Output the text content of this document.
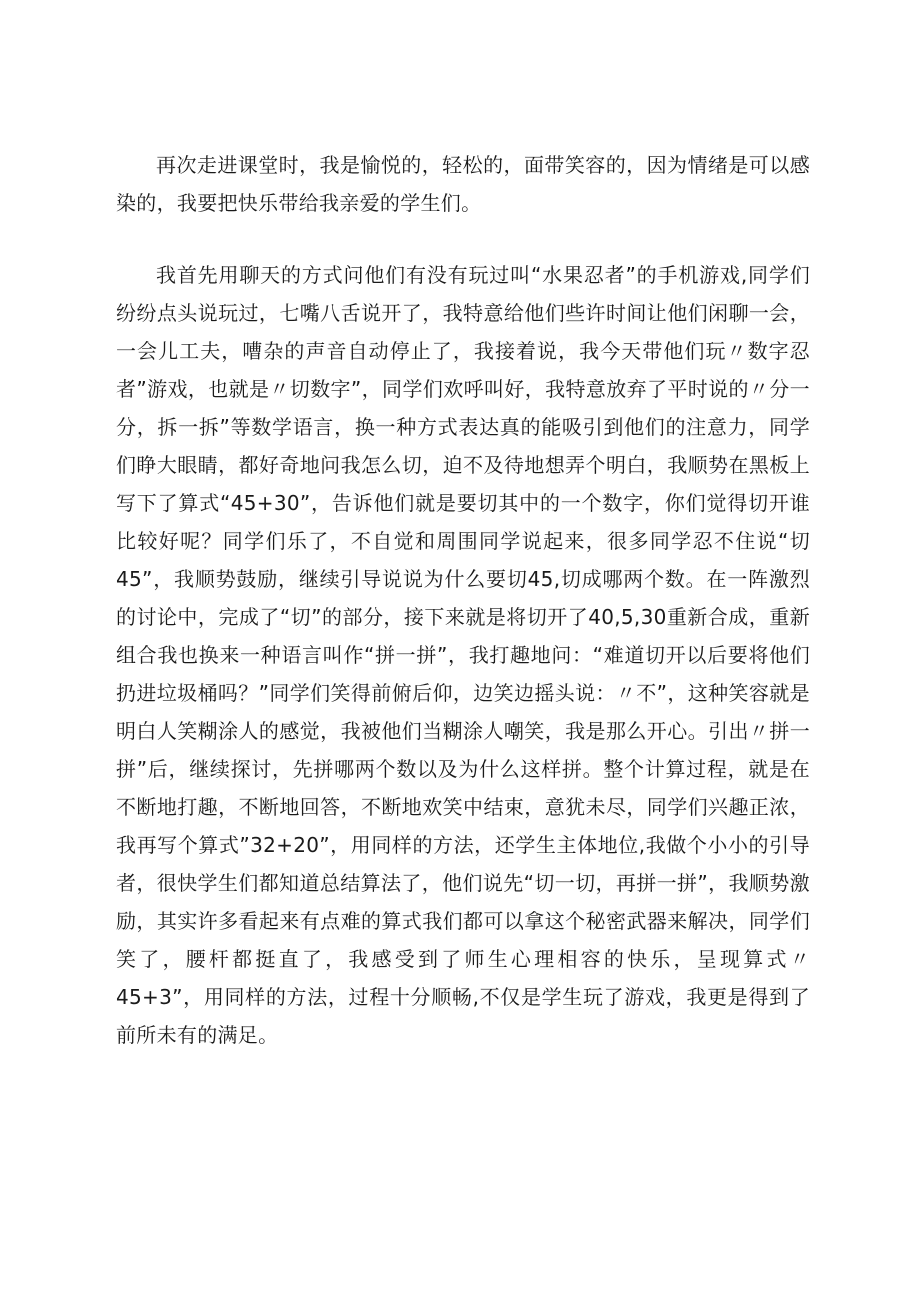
再次走进课堂时，我是愉悦的，轻松的，面带笑容的，因为情绪是可以感染的，我要把快乐带给我亲爱的学生们。

我首先用聊天的方式问他们有没有玩过叫“水果忍者”的手机游戏,同学们纷纷点头说玩过，七嘴八舌说开了，我特意给他们些许时间让他们闲聊一会，一会儿工夫，嘈杂的声音自动停止了，我接着说，我今天带他们玩〃数字忍者”游戏，也就是〃切数字”，同学们欢呼叫好，我特意放弃了平时说的〃分一分，拆一拆”等数学语言，换一种方式表达真的能吸引到他们的注意力，同学们睁大眼睛，都好奇地问我怎么切，迫不及待地想弄个明白，我顺势在黑板上写下了算式“45+30”，告诉他们就是要切其中的一个数字，你们觉得切开谁比较好呢？同学们乐了，不自觉和周围同学说起来，很多同学忍不住说“切45”，我顺势鼓励，继续引导说说为什么要切45,切成哪两个数。在一阵激烈的讨论中，完成了“切”的部分，接下来就是将切开了40,5,30重新合成，重新组合我也换来一种语言叫作“拼一拼”，我打趣地问：“难道切开以后要将他们扔进垃圾桶吗？”同学们笑得前俯后仰，边笑边摇头说：〃不”，这种笑容就是明白人笑糊涂人的感觉，我被他们当糊涂人嘲笑，我是那么开心。引出〃拼一拼”后，继续探讨，先拼哪两个数以及为什么这样拼。整个计算过程，就是在不断地打趣，不断地回答，不断地欢笑中结束，意犹未尽，同学们兴趣正浓，我再写个算式”32+20”，用同样的方法，还学生主体地位,我做个小小的引导者，很快学生们都知道总结算法了，他们说先“切一切，再拼一拼”，我顺势激励，其实许多看起来有点难的算式我们都可以拿这个秘密武器来解决，同学们笑了，腰杆都挺直了，我感受到了师生心理相容的快乐，呈现算式〃45+3”，用同样的方法，过程十分顺畅,不仅是学生玩了游戏，我更是得到了前所未有的满足。
